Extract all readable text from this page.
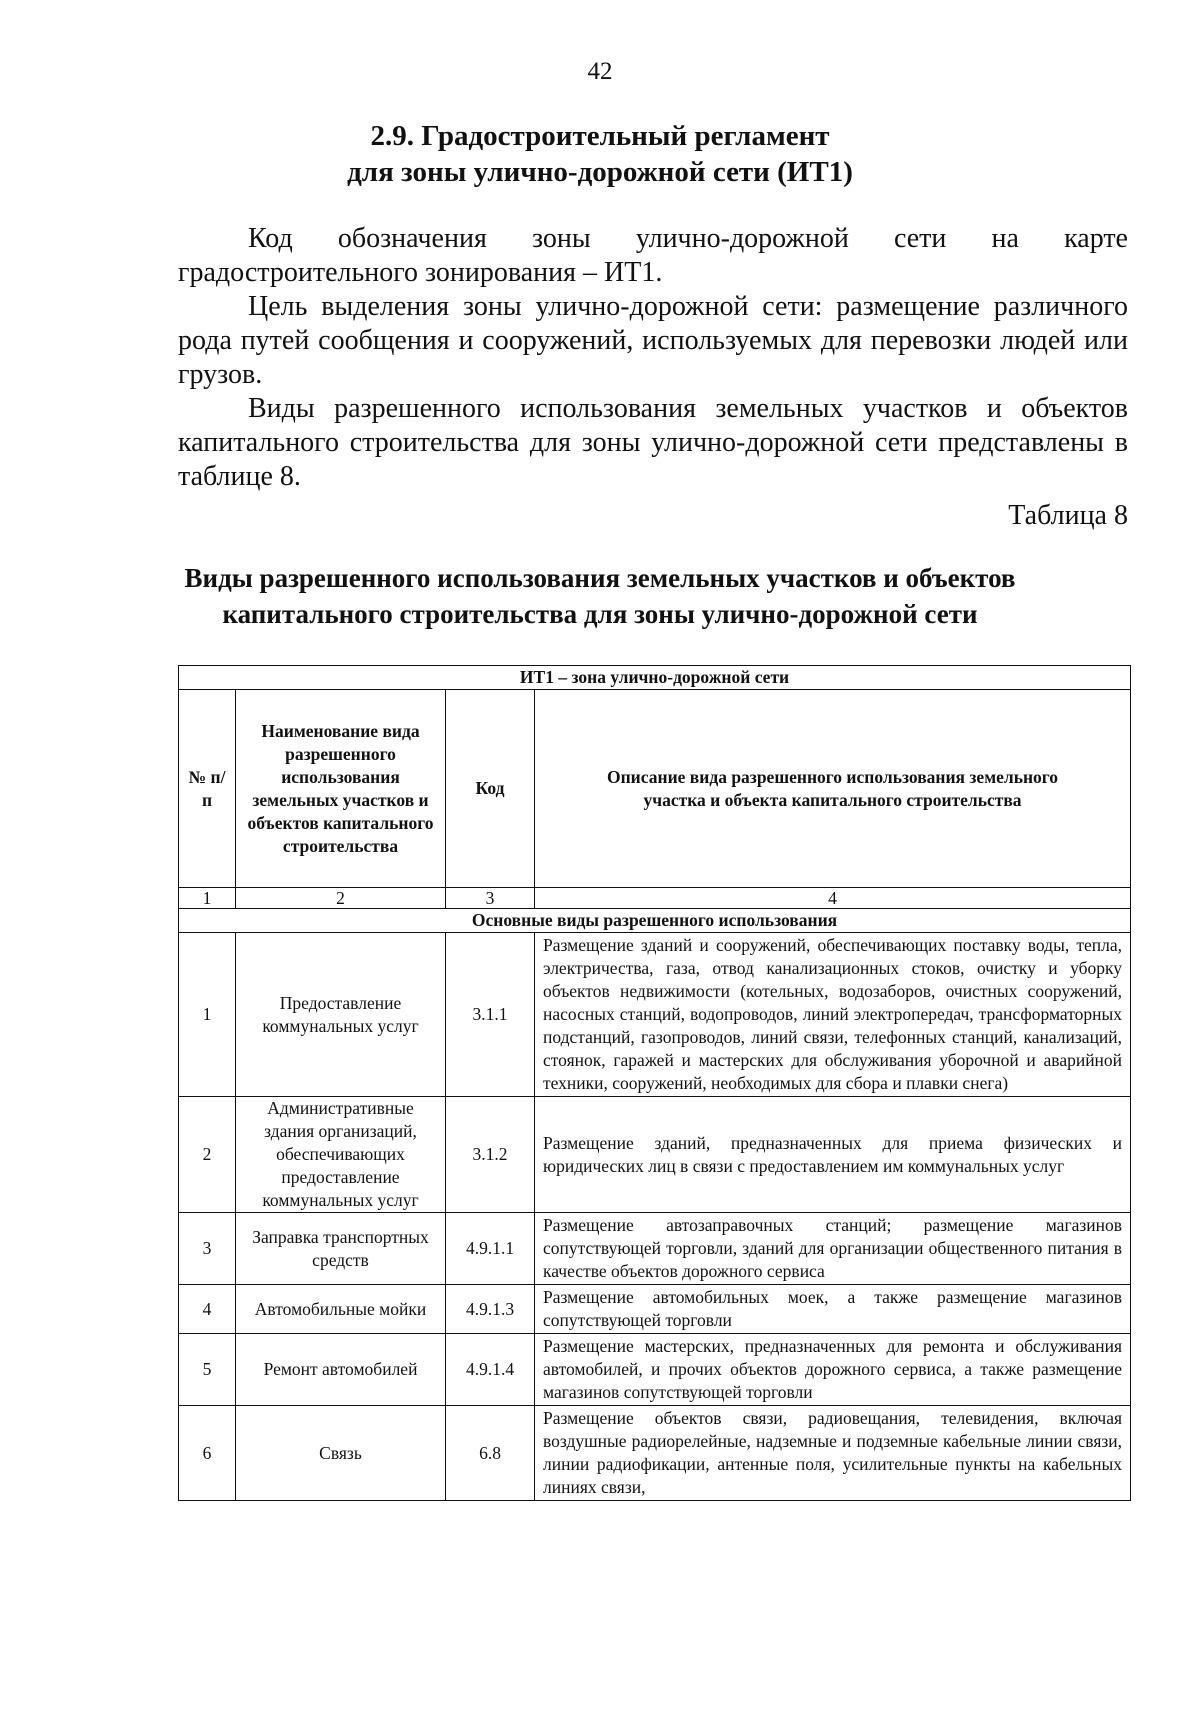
42
2.9. Градостроительный регламент
для зоны улично-дорожной сети (ИТ1)

Код обозначения зоны улично-дорожной сети на карте градостроительного зонирования – ИТ1.

Цель выделения зоны улично-дорожной сети: размещение различного рода путей сообщения и сооружений, используемых для перевозки людей или грузов.

Виды разрешенного использования земельных участков и объектов капитального строительства для зоны улично-дорожной сети представлены в таблице 8.

Таблица 8
Виды разрешенного использования земельных участков и объектов
капитального строительства для зоны улично-дорожной сети
ИТ1 – зона улично-дорожной сети			
№ п/п	Наименование вида разрешенного использования земельных участков и объектов капитального строительства	Код	Описание вида разрешенного использования земельного участка и объекта капитального строительства
1	2	3	4
Основные виды разрешенного использования			
1	Предоставление коммунальных услуг	3.1.1	Размещение зданий и сооружений, обеспечивающих поставку воды, тепла, электричества, газа, отвод канализационных стоков, очистку и уборку объектов недвижимости (котельных, водозаборов, очистных сооружений, насосных станций, водопроводов, линий электропередач, трансформаторных подстанций, газопроводов, линий связи, телефонных станций, канализаций, стоянок, гаражей и мастерских для обслуживания уборочной и аварийной техники, сооружений, необходимых для сбора и плавки снега)
2	Административные здания организаций, обеспечивающих предоставление коммунальных услуг	3.1.2	Размещение зданий, предназначенных для приема физических и юридических лиц в связи с предоставлением им коммунальных услуг
3	Заправка транспортных средств	4.9.1.1	Размещение автозаправочных станций; размещение магазинов сопутствующей торговли, зданий для организации общественного питания в качестве объектов дорожного сервиса
4	Автомобильные мойки	4.9.1.3	Размещение автомобильных моек, а также размещение магазинов сопутствующей торговли
5	Ремонт автомобилей	4.9.1.4	Размещение мастерских, предназначенных для ремонта и обслуживания автомобилей, и прочих объектов дорожного сервиса, а также размещение магазинов сопутствующей торговли
6	Связь	6.8	Размещение объектов связи, радиовещания, телевидения, включая воздушные радиорелейные, надземные и подземные кабельные линии связи, линии радиофикации, антенные поля, усилительные пункты на кабельных линиях связи,
